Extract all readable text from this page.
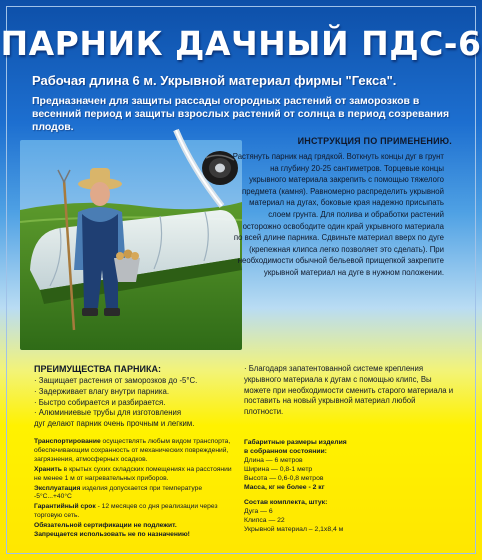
ПАРНИК ДАЧНЫЙ ПДС-6
Рабочая длина 6 м. Укрывной материал фирмы "Гекса".
Предназначен для защиты рассады огородных растений от заморозков в весенний период и защиты взрослых растений от солнца в период созревания плодов.
ИНСТРУКЦИЯ ПО ПРИМЕНЕНИЮ.
Растянуть парник над грядкой. Воткнуть концы дуг в грунт на глубину 20-25 сантиметров. Торцевые концы укрывного материала закрепить с помощью тяжелого предмета (камня). Равномерно распределить укрывной материал на дугах, боковые края надежно присыпать слоем грунта. Для полива и обработки растений осторожно освободите один край укрывного материала по всей длине парника. Сдвиньте материал вверх по дуге (крепежная клипса легко позволяет это сделать). При необходимости обычной бельевой прищепкой закрепите укрывной материал на дуге в нужном положении.
ПРЕИМУЩЕСТВА ПАРНИКА:
· Защищает растения от заморозков до -5°С.
· Задерживает влагу внутри парника.
· Быстро собирается и разбирается.
· Алюминиевые трубы для изготовления
дуг делают парник очень прочным и легким.
· Благодаря запатентованной системе крепления укрывного материала к дугам с помощью клипс, Вы можете при необходимости сменить старого материала и поставить на новый укрывной материал любой плотности.
Транспортирование осуществлять любым видом транспорта, обеспечивающим сохранность от механических повреждений, загрязнения, атмосферных осадков.
Хранить в крытых сухих складских помещениях на расстоянии не менее 1 м от нагревательных приборов.
Эксплуатация изделия допускается при температуре -5°С...+40°С
Гарантийный срок - 12 месяцев со дня реализации через торговую сеть.
Обязательной сертификации не подлежит.
Запрещается использовать не по назначению!
Габаритные размеры изделия
в собранном состоянии:
Длина — 6 метров
Ширина — 0,8-1 метр
Высота — 0,6-0,8 метров
Масса, кг не более - 2 кг
Состав комплекта, штук:
Дуга — 6
Клипса — 22
Укрывной материал – 2,1х8,4 м
